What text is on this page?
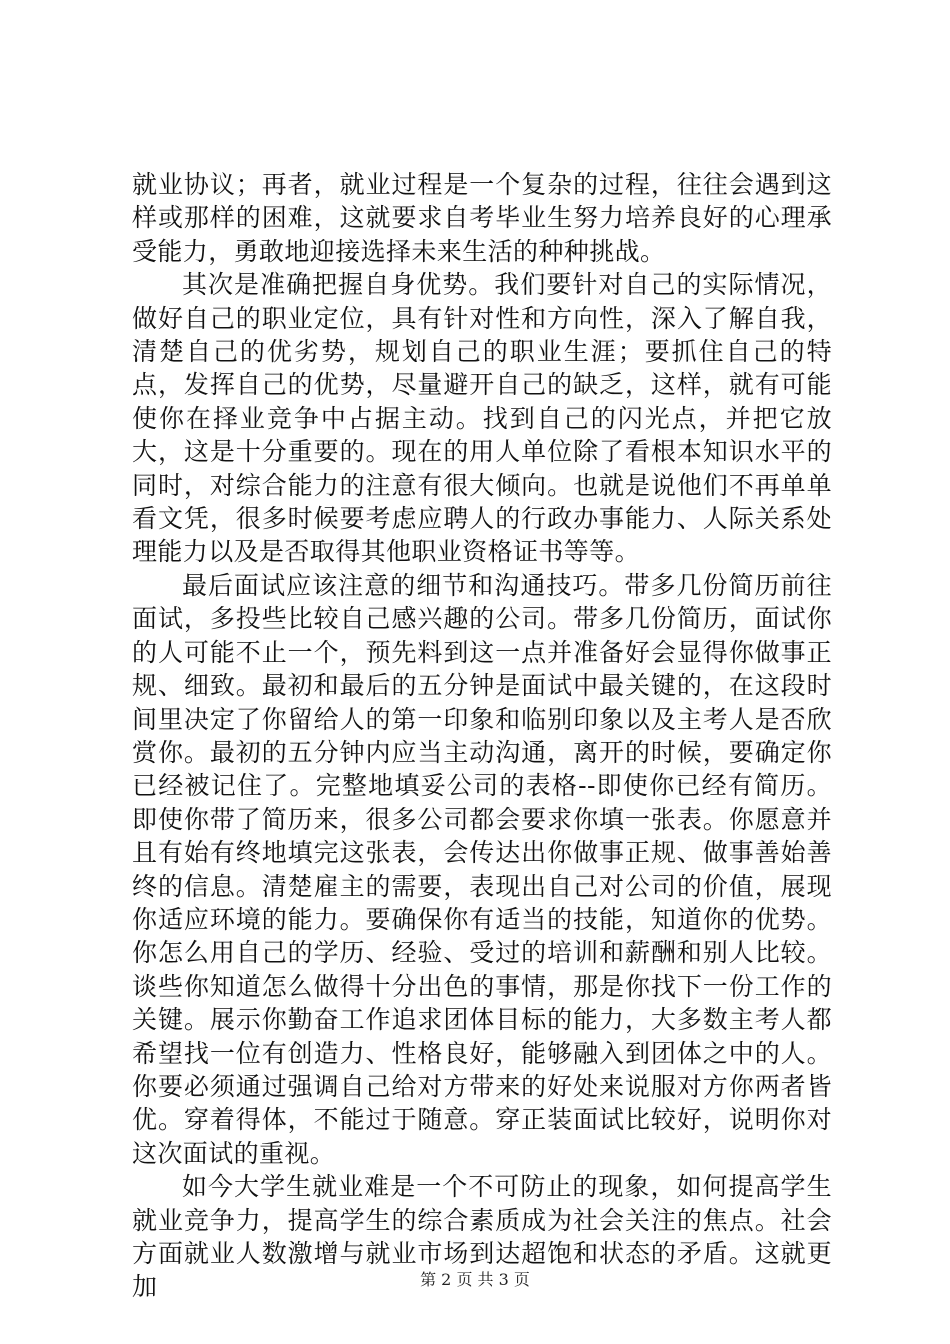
就业协议；再者，就业过程是一个复杂的过程，往往会遇到这样或那样的困难，这就要求自考毕业生努力培养良好的心理承受能力，勇敢地迎接选择未来生活的种种挑战。

其次是准确把握自身优势。我们要针对自己的实际情况，做好自己的职业定位，具有针对性和方向性，深入了解自我，清楚自己的优劣势，规划自己的职业生涯；要抓住自己的特点，发挥自己的优势，尽量避开自己的缺乏，这样，就有可能使你在择业竞争中占据主动。找到自己的闪光点，并把它放大，这是十分重要的。现在的用人单位除了看根本知识水平的同时，对综合能力的注意有很大倾向。也就是说他们不再单单看文凭，很多时候要考虑应聘人的行政办事能力、人际关系处理能力以及是否取得其他职业资格证书等等。

最后面试应该注意的细节和沟通技巧。带多几份简历前往面试，多投些比较自己感兴趣的公司。带多几份简历，面试你的人可能不止一个，预先料到这一点并准备好会显得你做事正规、细致。最初和最后的五分钟是面试中最关键的，在这段时间里决定了你留给人的第一印象和临别印象以及主考人是否欣赏你。最初的五分钟内应当主动沟通，离开的时候，要确定你已经被记住了。完整地填妥公司的表格--即使你已经有简历。即使你带了简历来，很多公司都会要求你填一张表。你愿意并且有始有终地填完这张表，会传达出你做事正规、做事善始善终的信息。清楚雇主的需要，表现出自己对公司的价值，展现你适应环境的能力。要确保你有适当的技能，知道你的优势。你怎么用自己的学历、经验、受过的培训和薪酬和别人比较。谈些你知道怎么做得十分出色的事情，那是你找下一份工作的关键。展示你勤奋工作追求团体目标的能力，大多数主考人都希望找一位有创造力、性格良好，能够融入到团体之中的人。你要必须通过强调自己给对方带来的好处来说服对方你两者皆优。穿着得体，不能过于随意。穿正装面试比较好，说明你对这次面试的重视。

如今大学生就业难是一个不可防止的现象，如何提高学生就业竞争力，提高学生的综合素质成为社会关注的焦点。社会方面就业人数激增与就业市场到达超饱和状态的矛盾。这就更加	第 2 页 共 3 页
